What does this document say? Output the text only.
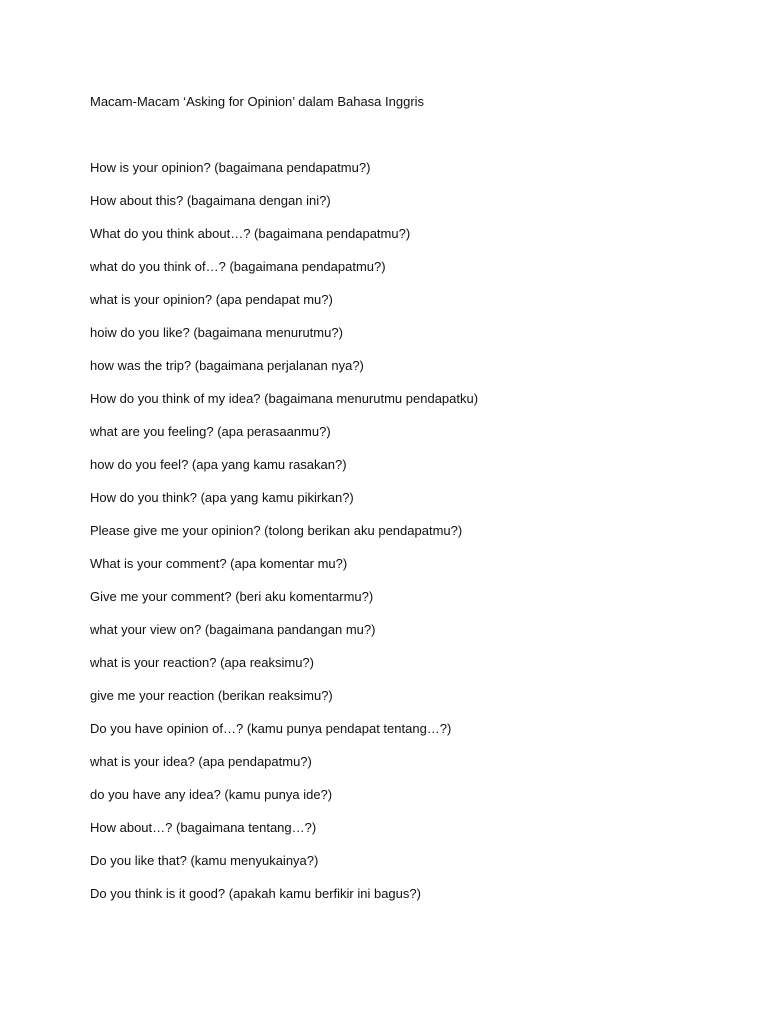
Macam-Macam ‘Asking for Opinion’ dalam Bahasa Inggris
How is your opinion? (bagaimana pendapatmu?)
How about this? (bagaimana dengan ini?)
What do you think about…? (bagaimana pendapatmu?)
what do you think of…? (bagaimana pendapatmu?)
what is your opinion? (apa pendapat mu?)
hoiw do you like? (bagaimana menurutmu?)
how was the trip? (bagaimana perjalanan nya?)
How do you think of my idea? (bagaimana menurutmu pendapatku)
what are you feeling? (apa perasaanmu?)
how do you feel? (apa yang kamu rasakan?)
How do you think? (apa yang kamu pikirkan?)
Please give me your opinion? (tolong berikan aku pendapatmu?)
What is your comment? (apa komentar mu?)
Give me your comment? (beri aku komentarmu?)
what your view on? (bagaimana pandangan mu?)
what is your reaction? (apa reaksimu?)
give me your reaction (berikan reaksimu?)
Do you have opinion of…? (kamu punya pendapat tentang…?)
what is your idea? (apa pendapatmu?)
do you have any idea? (kamu punya ide?)
How about…? (bagaimana tentang…?)
Do you like that? (kamu menyukainya?)
Do you think is it good? (apakah kamu berfikir ini bagus?)
